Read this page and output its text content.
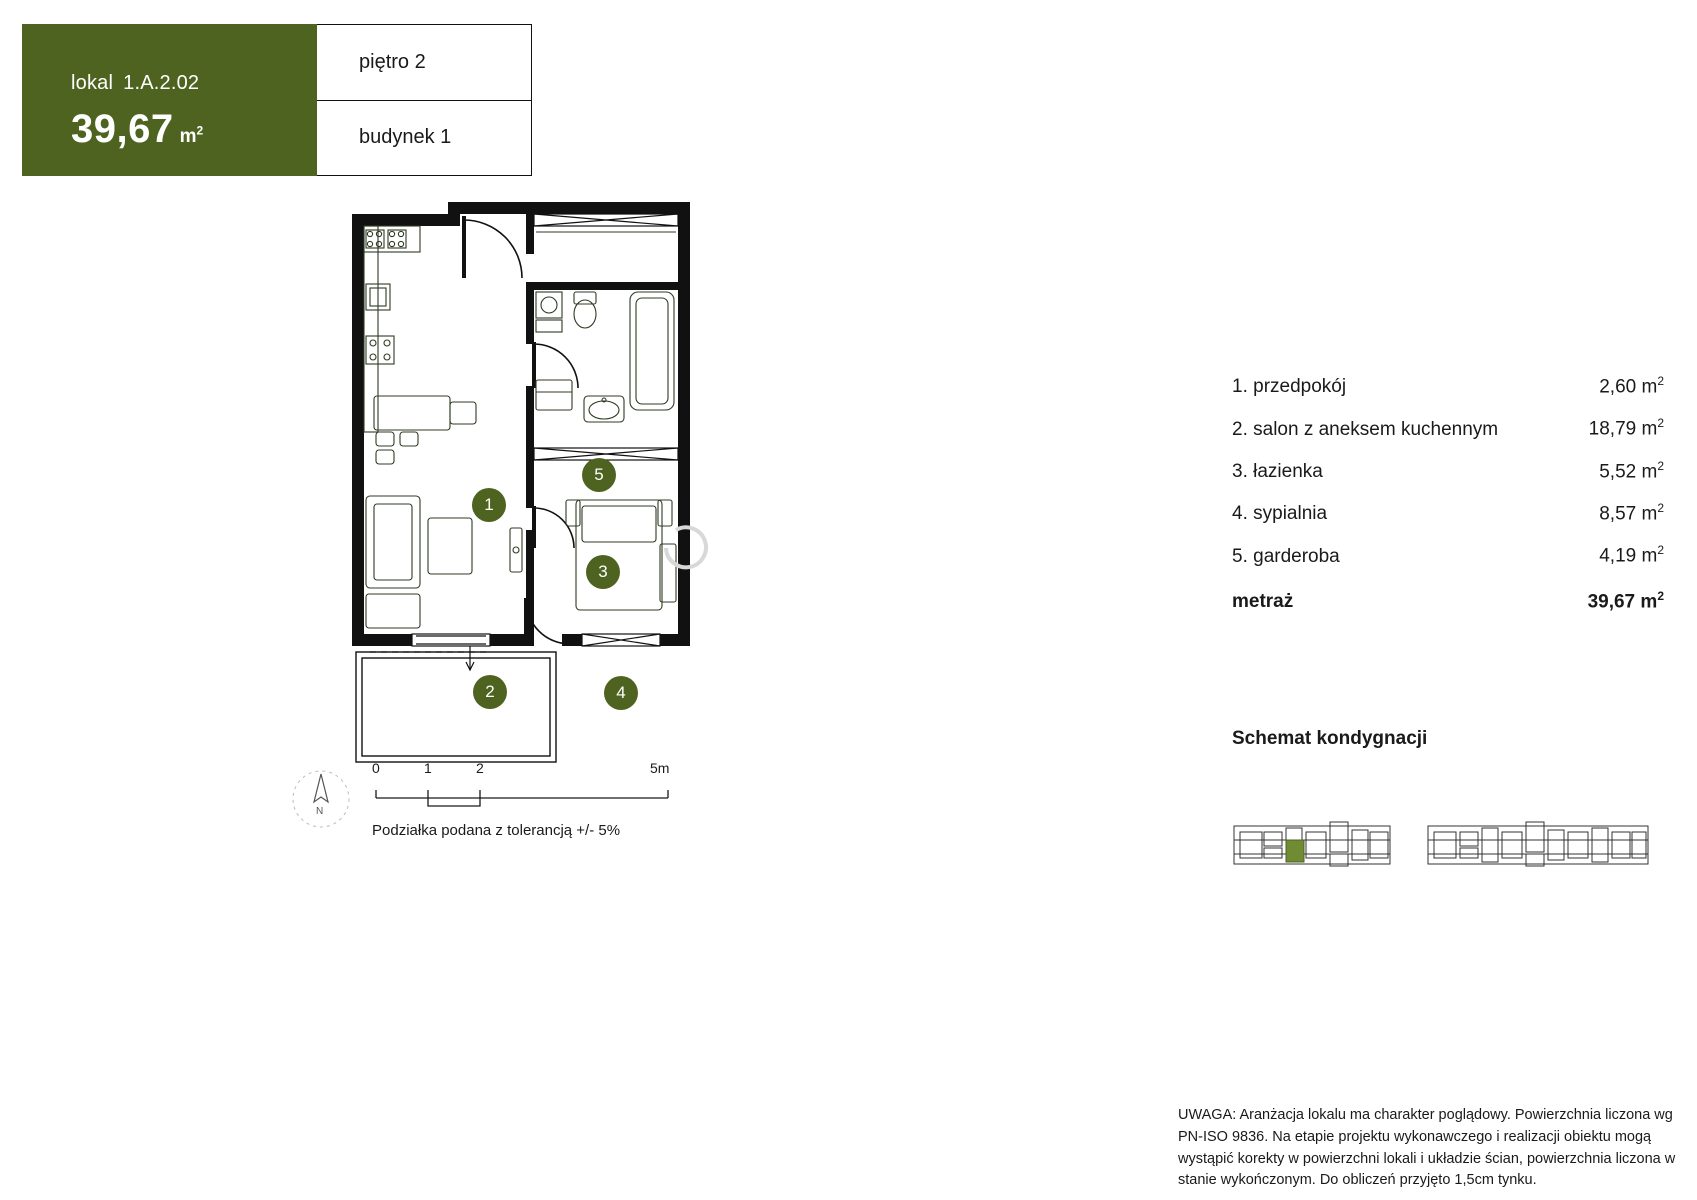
lokal 1.A.2.02
39,67 $m^2$
piętro 2
budynek 1
1
2
3
4
5
N
0	1	2	5m
Podziałka podana z tolerancją +/- 5%
1. przedpokój	2,60 $m^2$
2. salon z aneksem kuchennym	18,79 $m^2$
3. łazienka	5,52 $m^2$
4. sypialnia	8,57 $m^2$
5. garderoba	4,19 $m^2$
metraż	39,67 $m^2$
Schemat kondygnacji
UWAGA: Aranżacja lokalu ma charakter poglądowy. Powierzchnia liczona wg PN-ISO 9836. Na etapie projektu wykonawczego i realizacji obiektu mogą wystąpić korekty w powierzchni lokali i układzie ścian, powierzchnia liczona w stanie wykończonym. Do obliczeń przyjęto 1,5cm tynku.
